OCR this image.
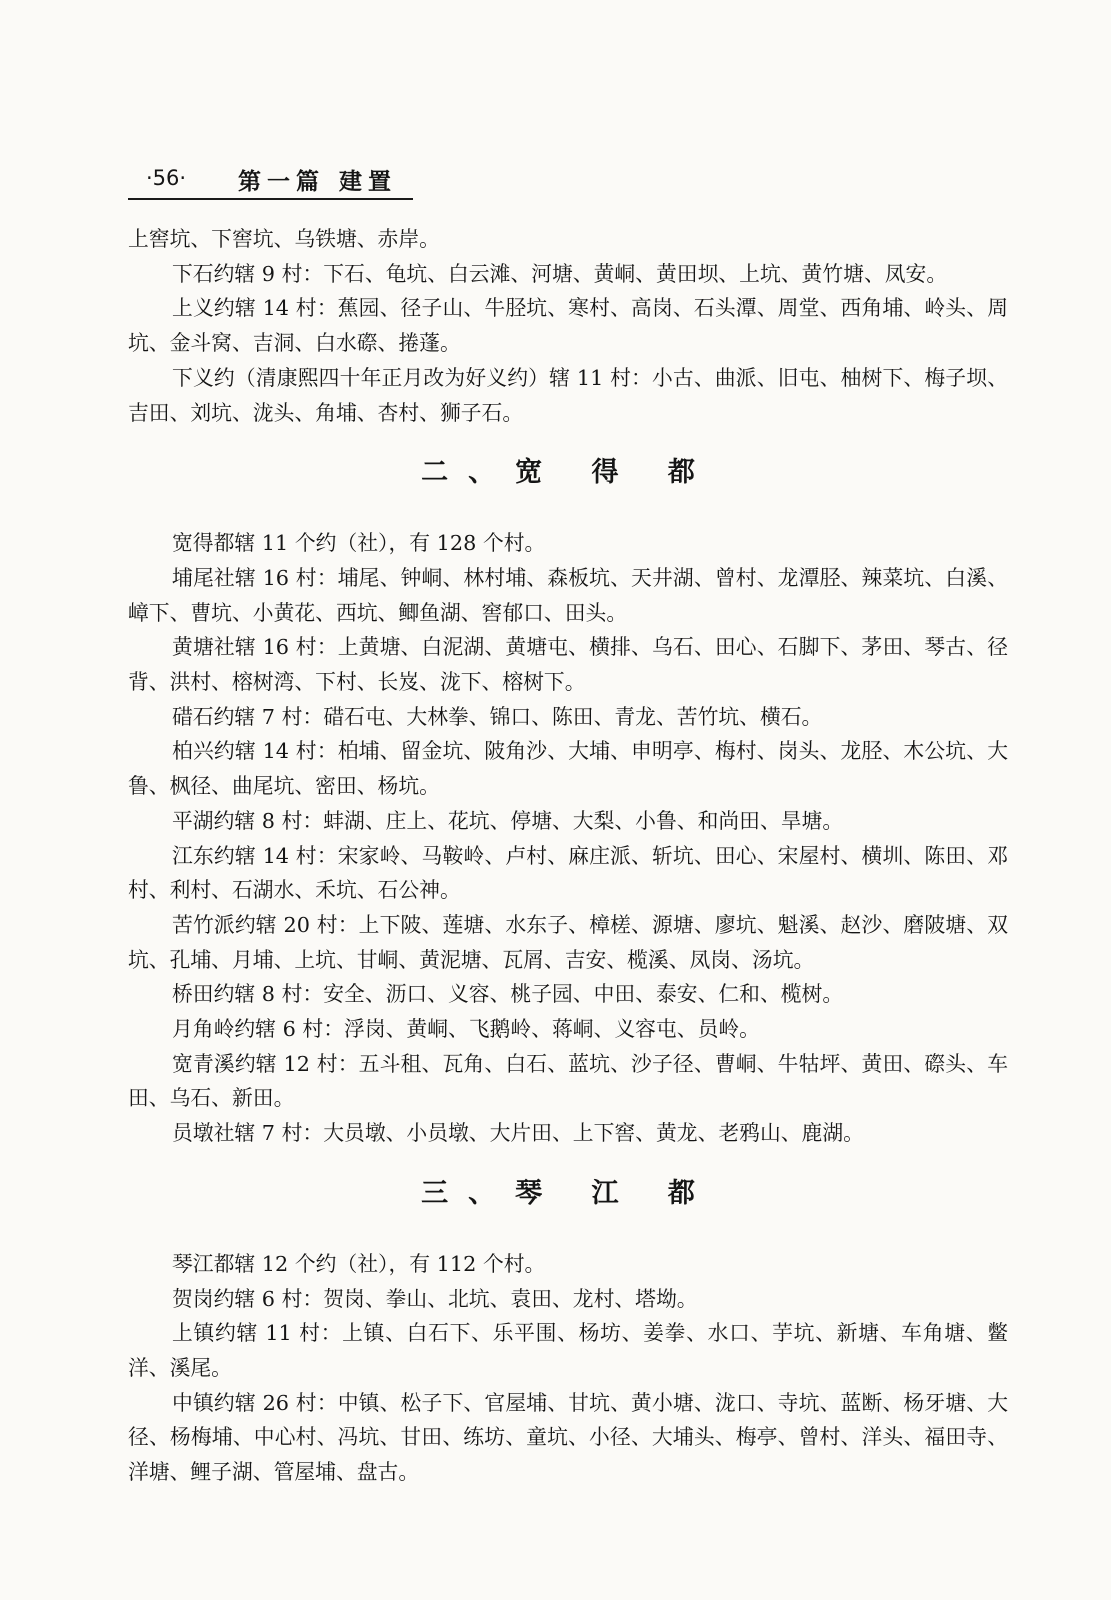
·56· 第一篇 建置

上窖坑、下窖坑、乌铁塘、赤岸。

下石约辖 9 村：下石、龟坑、白云滩、河塘、黄峒、黄田坝、上坑、黄竹塘、凤安。

上义约辖 14 村：蕉园、径子山、牛胫坑、寒村、高岗、石头潭、周堂、西角埔、岭头、周坑、金斗窝、吉洞、白水磜、捲蓬。

下义约（清康熙四十年正月改为好义约）辖 11 村：小古、曲派、旧屯、柚树下、梅子坝、吉田、刘坑、泷头、角埔、杏村、狮子石。

二、宽 得 都

宽得都辖 11 个约（社），有 128 个村。

埔尾社辖 16 村：埔尾、钟峒、林村埔、森板坑、天井湖、曾村、龙潭胫、辣菜坑、白溪、嶂下、曹坑、小黄花、西坑、鲫鱼湖、窖郁口、田头。

黄塘社辖 16 村：上黄塘、白泥湖、黄塘屯、横排、乌石、田心、石脚下、茅田、琴古、径背、洪村、榕树湾、下村、长岌、泷下、榕树下。

碏石约辖 7 村：碏石屯、大林拳、锦口、陈田、青龙、苦竹坑、横石。

柏兴约辖 14 村：柏埔、留金坑、陂角沙、大埔、申明亭、梅村、岗头、龙胫、木公坑、大鲁、枫径、曲尾坑、密田、杨坑。

平湖约辖 8 村：蚌湖、庄上、花坑、停塘、大梨、小鲁、和尚田、旱塘。

江东约辖 14 村：宋家岭、马鞍岭、卢村、麻庄派、斩坑、田心、宋屋村、横圳、陈田、邓村、利村、石湖水、禾坑、石公神。

苦竹派约辖 20 村：上下陂、莲塘、水东子、樟槎、源塘、廖坑、魁溪、赵沙、磨陂塘、双坑、孔埔、月埔、上坑、甘峒、黄泥塘、瓦屑、吉安、榄溪、凤岗、汤坑。

桥田约辖 8 村：安全、沥口、义容、桃子园、中田、泰安、仁和、榄树。

月角岭约辖 6 村：浮岗、黄峒、飞鹅岭、蒋峒、义容屯、员岭。

宽青溪约辖 12 村：五斗租、瓦角、白石、蓝坑、沙子径、曹峒、牛牯坪、黄田、磜头、车田、乌石、新田。

员墩社辖 7 村：大员墩、小员墩、大片田、上下窖、黄龙、老鸦山、鹿湖。

三、琴 江 都

琴江都辖 12 个约（社），有 112 个村。

贺岗约辖 6 村：贺岗、拳山、北坑、袁田、龙村、塔坳。

上镇约辖 11 村：上镇、白石下、乐平围、杨坊、姜拳、水口、芋坑、新塘、车角塘、鳖洋、溪尾。

中镇约辖 26 村：中镇、松子下、官屋埔、甘坑、黄小塘、泷口、寺坑、蓝断、杨牙塘、大径、杨梅埔、中心村、冯坑、甘田、练坊、童坑、小径、大埔头、梅亭、曾村、洋头、福田寺、洋塘、鲤子湖、管屋埔、盘古。
